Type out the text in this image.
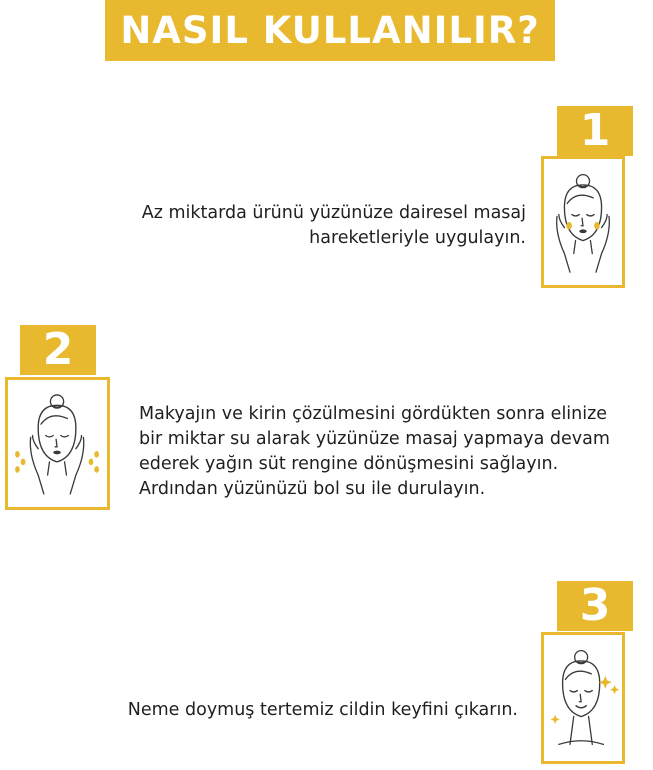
NASIL KULLANILIR?
1
Az miktarda ürünü yüzünüze dairesel masaj
hareketleriyle uygulayın.
2
Makyajın ve kirin çözülmesini gördükten sonra elinize
bir miktar su alarak yüzünüze masaj yapmaya devam
ederek yağın süt rengine dönüşmesini sağlayın.
Ardından yüzünüzü bol su ile durulayın.
3
Neme doymuş tertemiz cildin keyfini çıkarın.
